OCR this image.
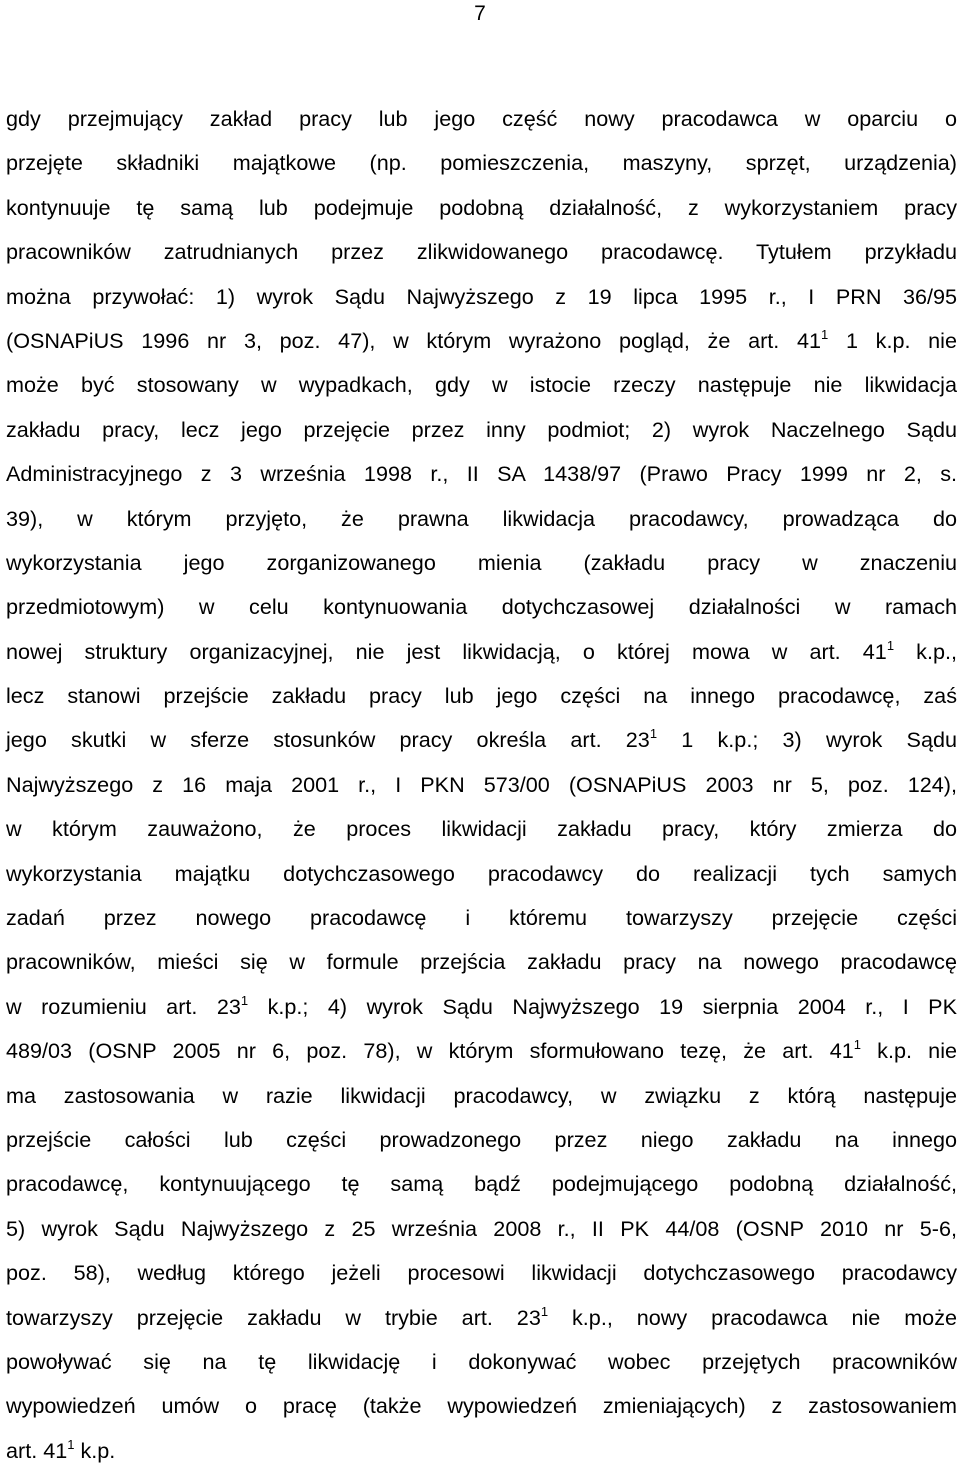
7
gdy przejmujący zakład pracy lub jego część nowy pracodawca w oparciu o
przejęte składniki majątkowe (np. pomieszczenia, maszyny, sprzęt, urządzenia)
kontynuuje tę samą lub podejmuje podobną działalność, z wykorzystaniem pracy
pracowników zatrudnianych przez zlikwidowanego pracodawcę. Tytułem przykładu
można przywołać: 1) wyrok Sądu Najwyższego z 19 lipca 1995 r., I PRN 36/95
(OSNAPiUS 1996 nr 3, poz. 47), w którym wyrażono pogląd, że art. $41^1$ 1 k.p. nie
może być stosowany w wypadkach, gdy w istocie rzeczy następuje nie likwidacja
zakładu pracy, lecz jego przejęcie przez inny podmiot; 2) wyrok Naczelnego Sądu
Administracyjnego z 3 września 1998 r., II SA 1438/97 (Prawo Pracy 1999 nr 2, s.
39), w którym przyjęto, że prawna likwidacja pracodawcy, prowadząca do
wykorzystania jego zorganizowanego mienia (zakładu pracy w znaczeniu
przedmiotowym) w celu kontynuowania dotychczasowej działalności w ramach
nowej struktury organizacyjnej, nie jest likwidacją, o której mowa w art. $41^1$ k.p.,
lecz stanowi przejście zakładu pracy lub jego części na innego pracodawcę, zaś
jego skutki w sferze stosunków pracy określa art. $23^1$ 1 k.p.; 3) wyrok Sądu
Najwyższego z 16 maja 2001 r., I PKN 573/00 (OSNAPiUS 2003 nr 5, poz. 124),
w którym zauważono, że proces likwidacji zakładu pracy, który zmierza do
wykorzystania majątku dotychczasowego pracodawcy do realizacji tych samych
zadań przez nowego pracodawcę i któremu towarzyszy przejęcie części
pracowników, mieści się w formule przejścia zakładu pracy na nowego pracodawcę
w rozumieniu art. $23^1$ k.p.; 4) wyrok Sądu Najwyższego 19 sierpnia 2004 r., I PK
489/03 (OSNP 2005 nr 6, poz. 78), w którym sformułowano tezę, że art. $41^1$ k.p. nie
ma zastosowania w razie likwidacji pracodawcy, w związku z którą następuje
przejście całości lub części prowadzonego przez niego zakładu na innego
pracodawcę, kontynuującego tę samą bądź podejmującego podobną działalność,
5) wyrok Sądu Najwyższego z 25 września 2008 r., II PK 44/08 (OSNP 2010 nr 5-6,
poz. 58), według którego jeżeli procesowi likwidacji dotychczasowego pracodawcy
towarzyszy przejęcie zakładu w trybie art. $23^1$ k.p., nowy pracodawca nie może
powoływać się na tę likwidację i dokonywać wobec przejętych pracowników
wypowiedzeń umów o pracę (także wypowiedzeń zmieniających) z zastosowaniem
art. $41^1$ k.p.
